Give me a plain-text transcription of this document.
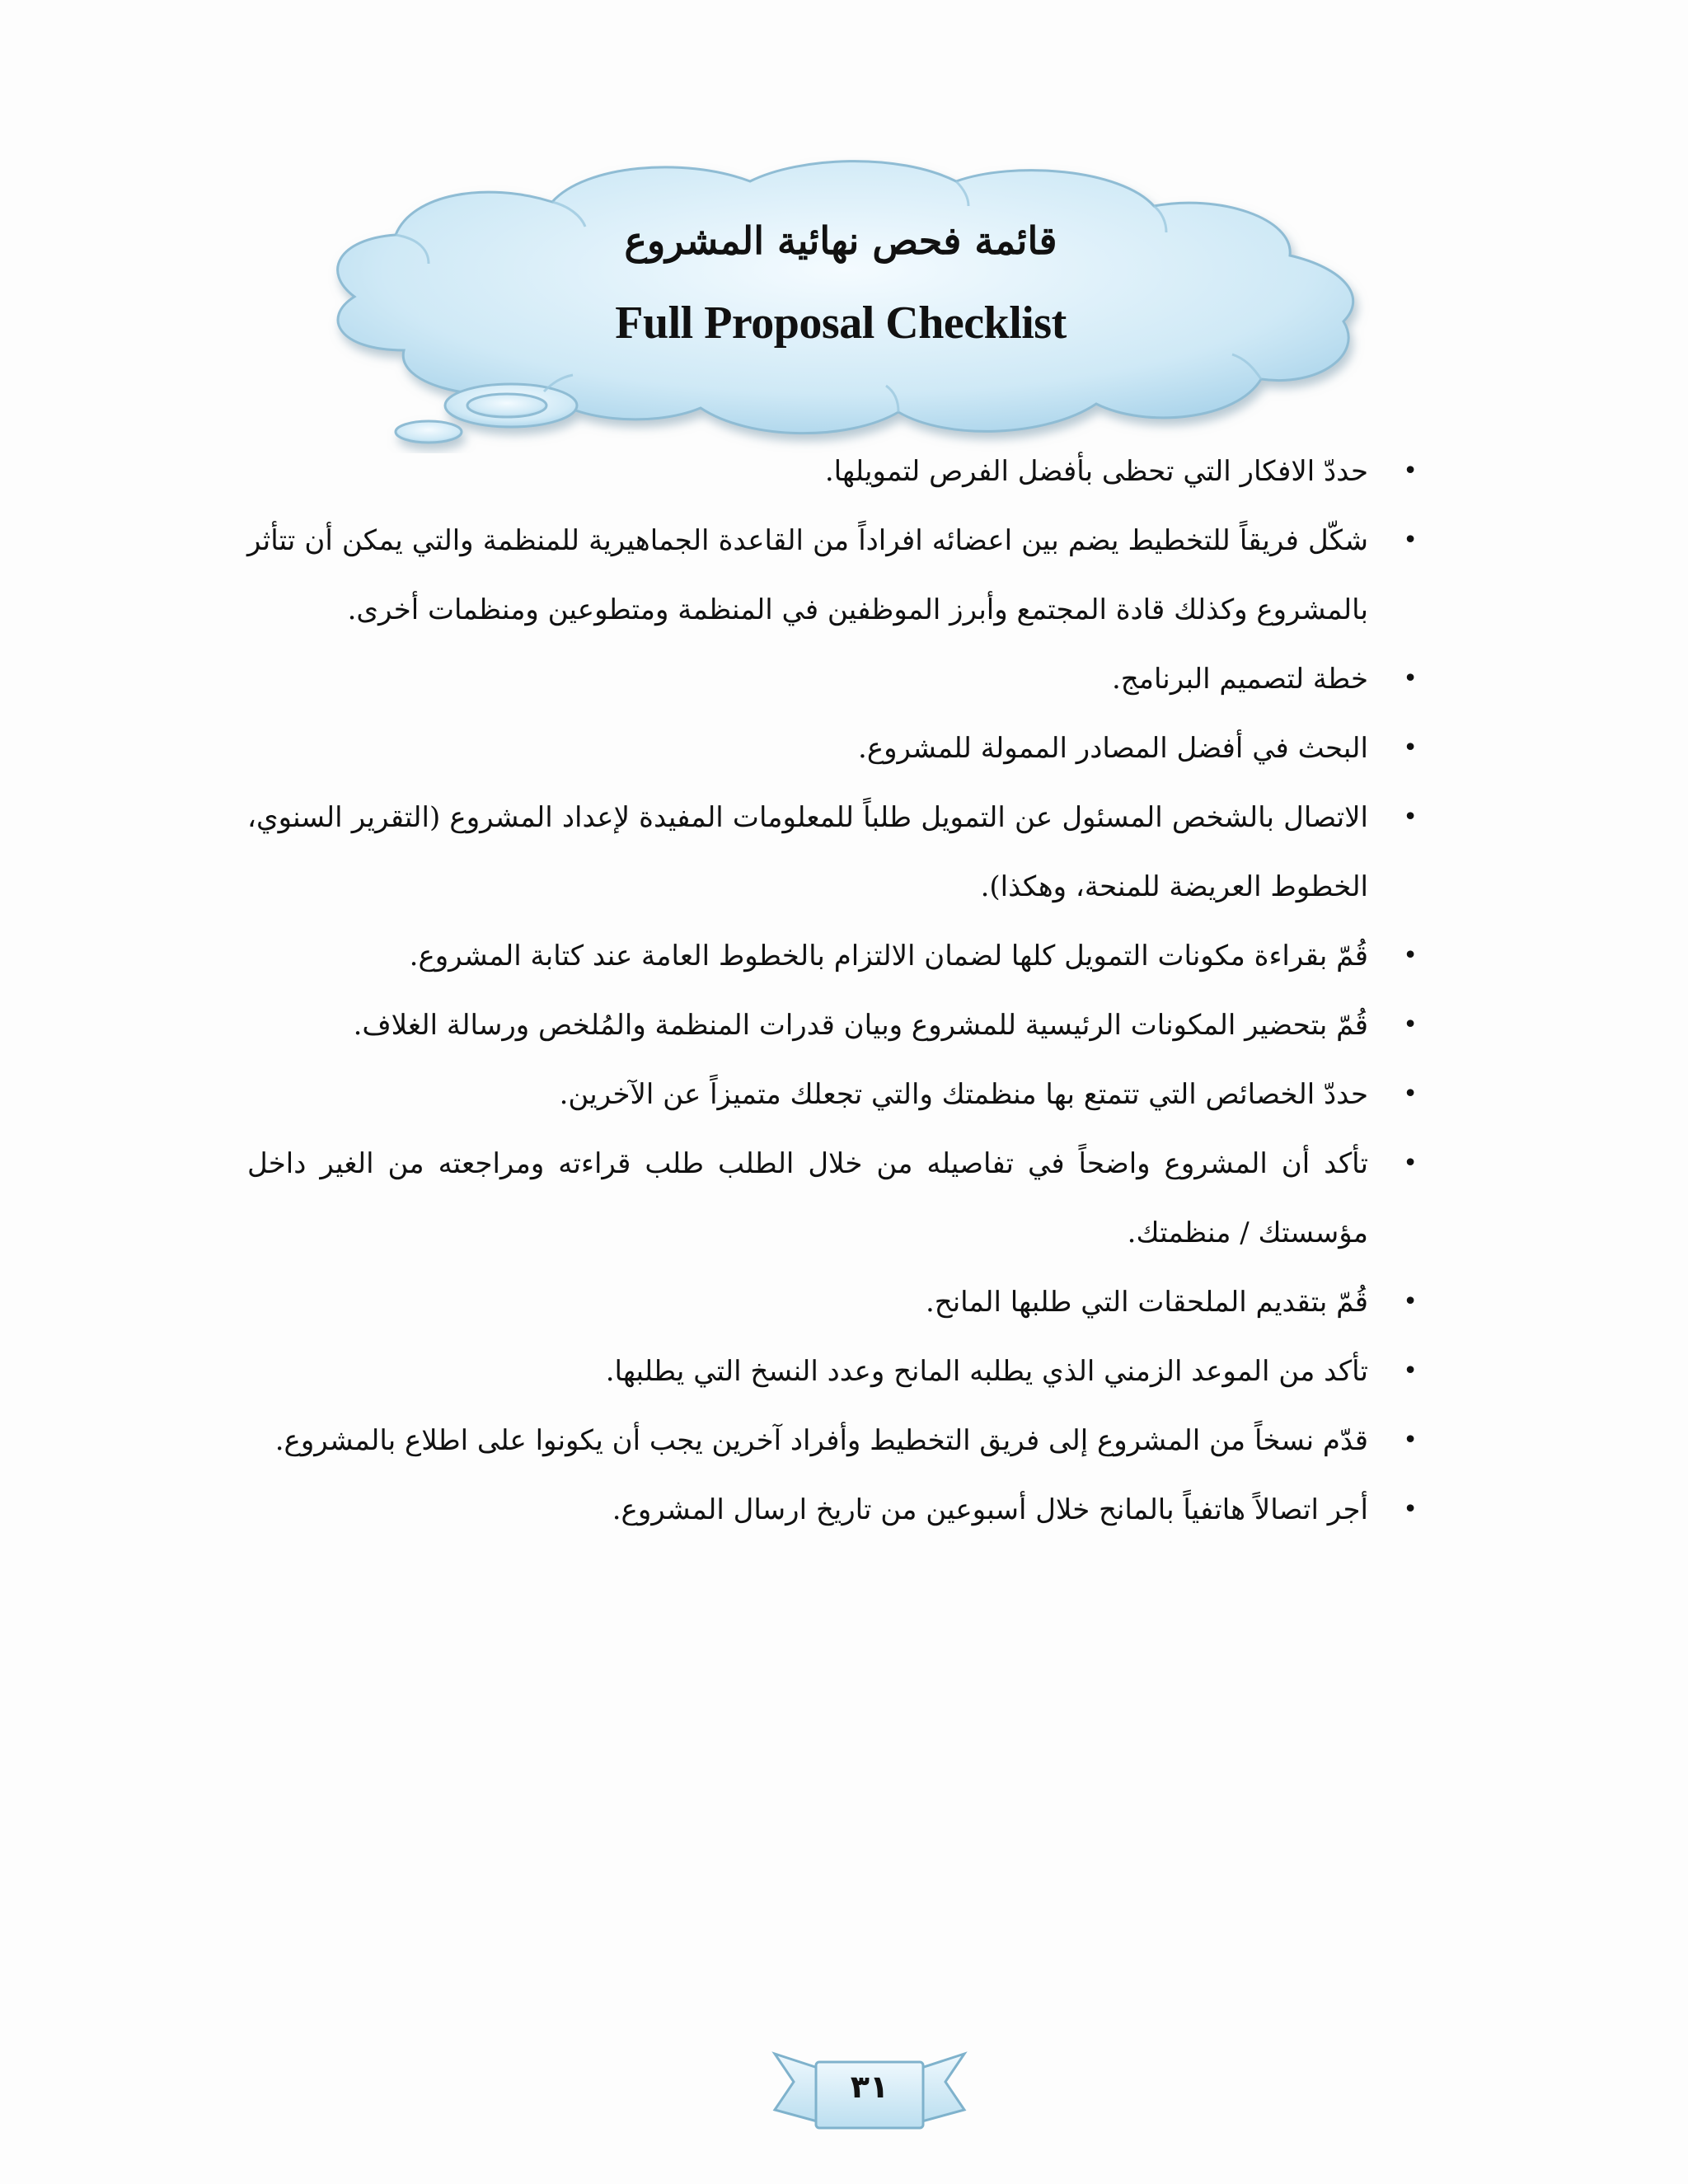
قائمة فحص نهائية المشروع
Full Proposal Checklist
•
حددّ الافكار التي تحظى بأفضل الفرص لتمويلها.
•
شكّل فريقاً للتخطيط يضم بين اعضائه افراداً من القاعدة الجماهيرية للمنظمة والتي يمكن أن تتأثر بالمشروع وكذلك قادة المجتمع وأبرز الموظفين في المنظمة ومتطوعين ومنظمات أخرى.
•
خطة لتصميم البرنامج.
•
البحث في أفضل المصادر الممولة للمشروع.
•
الاتصال بالشخص المسئول عن التمويل طلباً للمعلومات المفيدة لإعداد المشروع (التقرير السنوي، الخطوط العريضة للمنحة، وهكذا).
•
قُمّ بقراءة مكونات التمويل كلها لضمان الالتزام بالخطوط العامة عند كتابة المشروع.
•
قُمّ بتحضير المكونات الرئيسية للمشروع وبيان قدرات المنظمة والمُلخص ورسالة الغلاف.
•
حددّ الخصائص التي تتمتع بها منظمتك والتي تجعلك متميزاً عن الآخرين.
•
تأكد أن المشروع واضحاً في تفاصيله من خلال الطلب طلب قراءته ومراجعته من الغير داخل مؤسستك / منظمتك.
•
قُمّ بتقديم الملحقات التي طلبها المانح.
•
تأكد من الموعد الزمني الذي يطلبه المانح وعدد النسخ التي يطلبها.
•
قدّم نسخاً من المشروع إلى فريق التخطيط وأفراد آخرين يجب أن يكونوا على اطلاع بالمشروع.
•
أجر اتصالاً هاتفياً بالمانح خلال أسبوعين من تاريخ ارسال المشروع.
٣١
